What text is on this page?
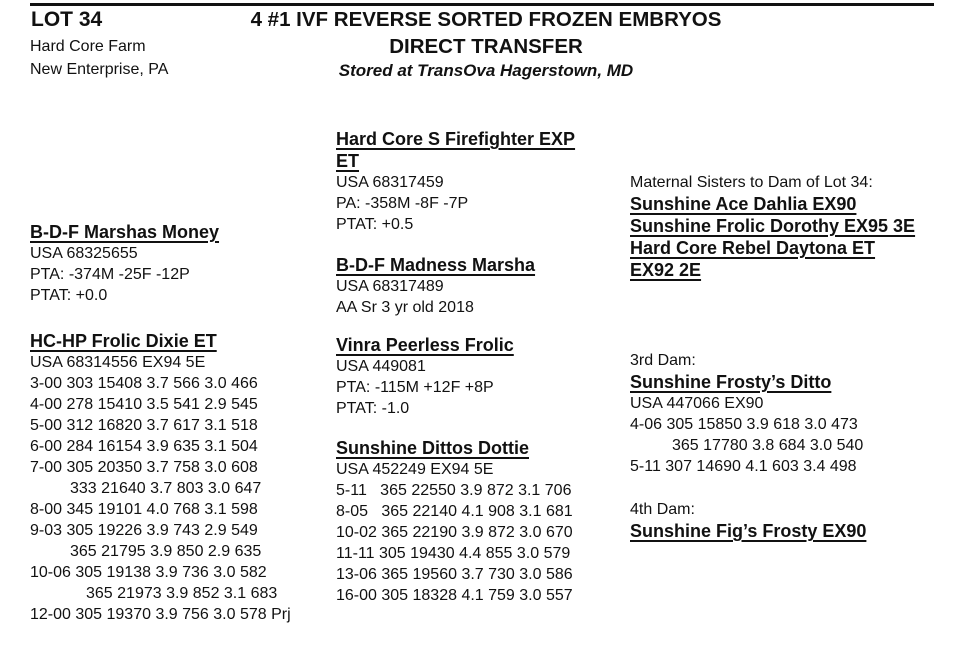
LOT 34
Hard Core Farm
New Enterprise, PA
4 #1 IVF REVERSE SORTED FROZEN EMBRYOS
DIRECT TRANSFER
Stored at TransOva Hagerstown, MD
B-D-F Marshas Money
USA 68325655
PTA: -374M -25F -12P
PTAT: +0.0
HC-HP Frolic Dixie ET
USA 68314556 EX94 5E
3-00 303 15408 3.7 566 3.0 466
4-00 278 15410 3.5 541 2.9 545
5-00 312 16820 3.7 617 3.1 518
6-00 284 16154 3.9 635 3.1 504
7-00 305 20350 3.7 758 3.0 608
333 21640 3.7 803 3.0 647
8-00 345 19101 4.0 768 3.1 598
9-03 305 19226 3.9 743 2.9 549
365 21795 3.9 850 2.9 635
10-06 305 19138 3.9 736 3.0 582
365 21973 3.9 852 3.1 683
12-00 305 19370 3.9 756 3.0 578 Prj
Hard Core S Firefighter EXP
ET
USA 68317459
PA: -358M -8F -7P
PTAT: +0.5
B-D-F Madness Marsha
USA 68317489
AA Sr 3 yr old 2018
Vinra Peerless Frolic
USA 449081
PTA: -115M +12F +8P
PTAT: -1.0
Sunshine Dittos Dottie
USA 452249 EX94 5E
5-11   365 22550 3.9 872 3.1 706
8-05   365 22140 4.1 908 3.1 681
10-02 365 22190 3.9 872 3.0 670
11-11 305 19430 4.4 855 3.0 579
13-06 365 19560 3.7 730 3.0 586
16-00 305 18328 4.1 759 3.0 557
Maternal Sisters to Dam of Lot 34:
Sunshine Ace Dahlia EX90
Sunshine Frolic Dorothy EX95 3E
Hard Core Rebel Daytona ET
EX92 2E
3rd Dam:
Sunshine Frosty’s Ditto
USA 447066 EX90
4-06 305 15850 3.9 618 3.0 473
365 17780 3.8 684 3.0 540
5-11 307 14690 4.1 603 3.4 498
4th Dam:
Sunshine Fig’s Frosty EX90
